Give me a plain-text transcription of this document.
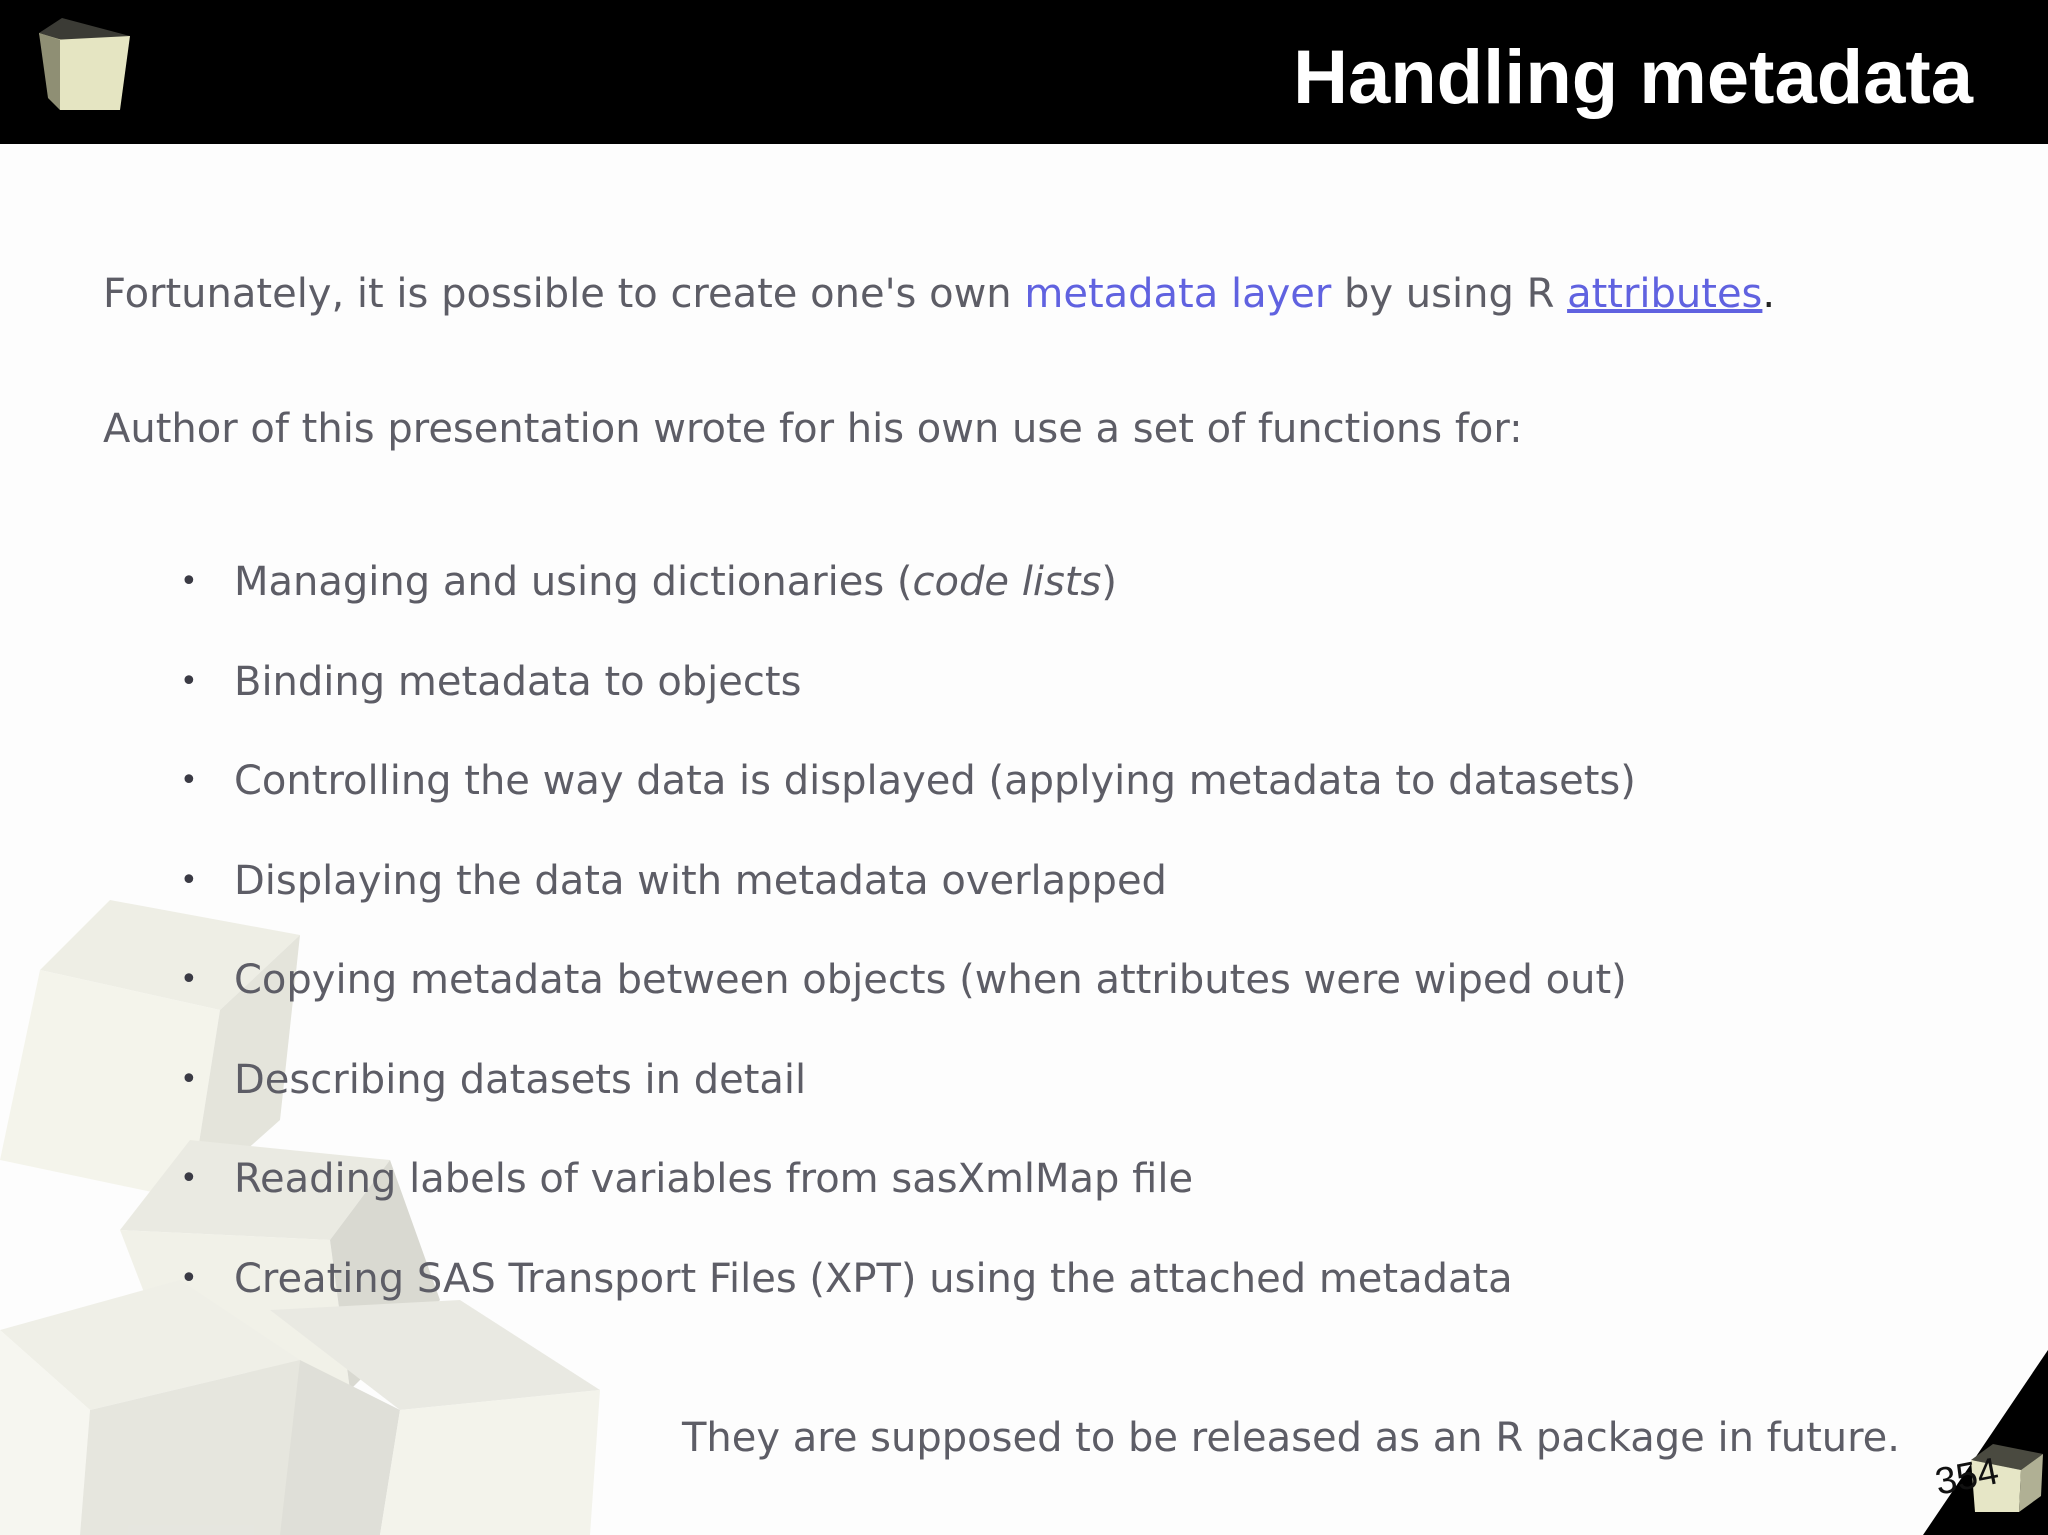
Handling metadata
Fortunately, it is possible to create one's own metadata layer by using R attributes.
Author of this presentation wrote for his own use a set of functions for:
• Managing and using dictionaries (code lists)
• Binding metadata to objects
• Controlling the way data is displayed (applying metadata to datasets)
• Displaying the data with metadata overlapped
• Copying metadata between objects (when attributes were wiped out)
• Describing datasets in detail
• Reading labels of variables from sasXmlMap file
• Creating SAS Transport Files (XPT) using the attached metadata
They are supposed to be released as an R package in future.
354
